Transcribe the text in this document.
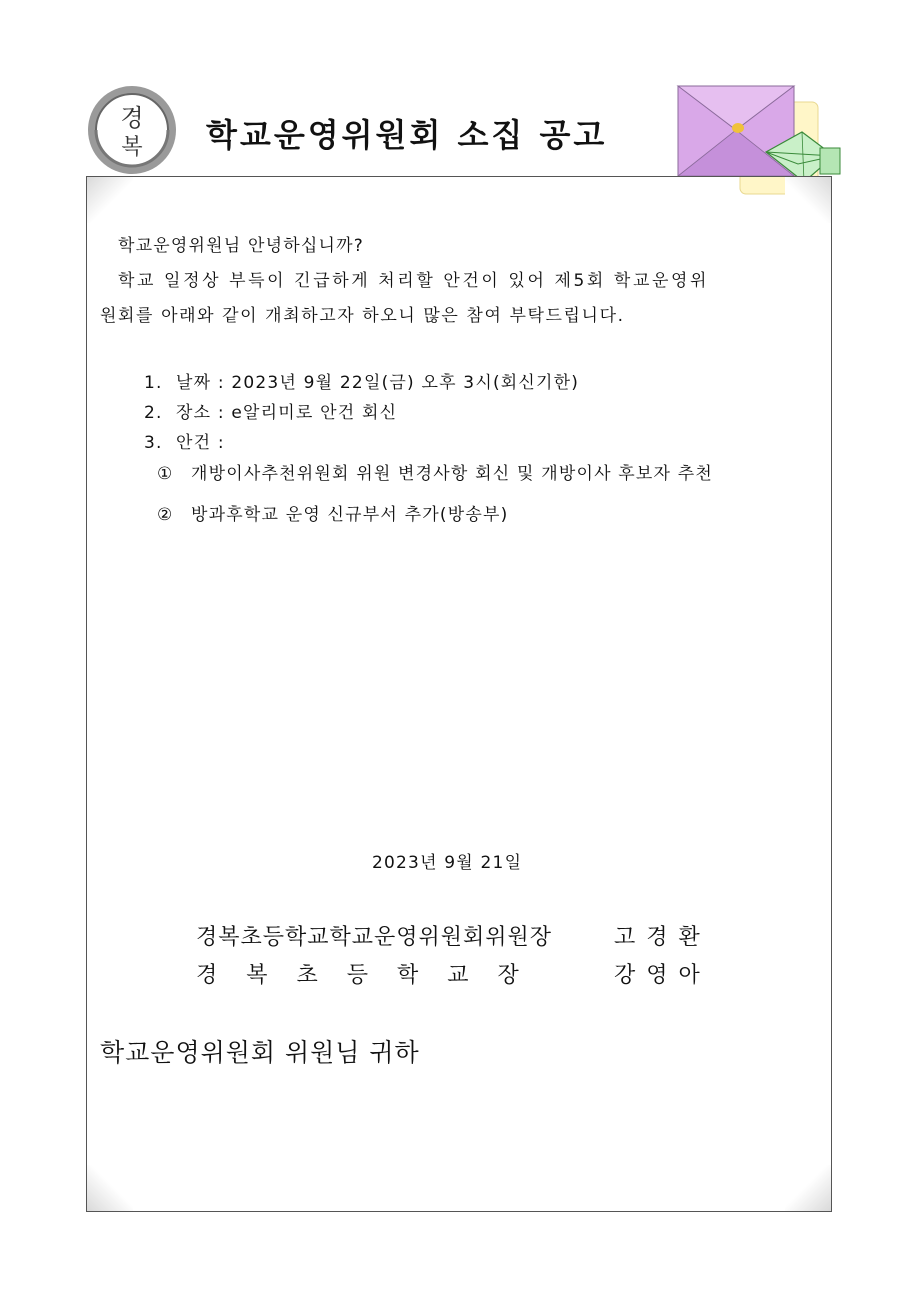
경
복 학교운영위원회 소집 공고
학교운영위원님 안녕하십니까?
학교 일정상 부득이 긴급하게 처리할 안건이 있어 제5회 학교운영위
원회를 아래와 같이 개최하고자 하오니 많은 참여 부탁드립니다.
1. 날짜 : 2023년 9월 22일(금) 오후 3시(회신기한)
2. 장소 : e알리미로 안건 회신
3. 안건 :
① 개방이사추천위원회 위원 변경사항 회신 및 개방이사 후보자 추천
② 방과후학교 운영 신규부서 추가(방송부)
2023년 9월 21일
경복초등학교학교운영위원회위원장	고 경 환
경 복 초 등 학 교 장	강 영 아
학교운영위원회 위원님 귀하
